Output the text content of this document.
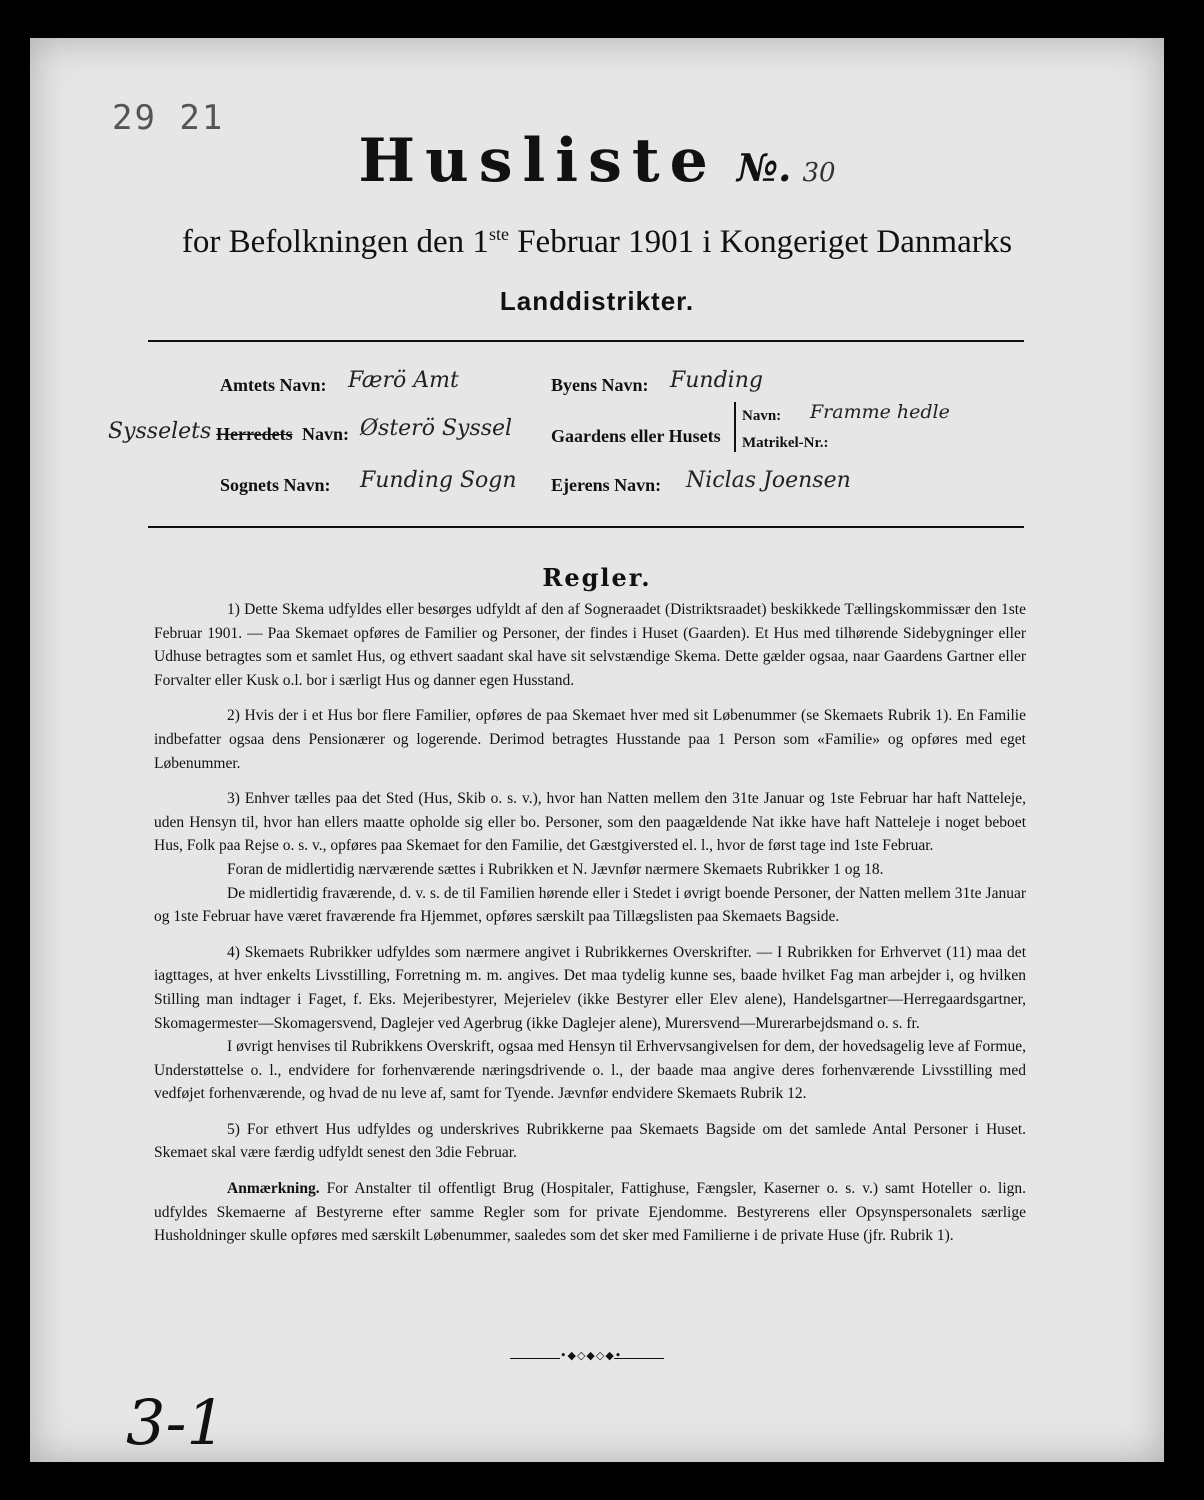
29 21
Husliste №. 30
for Befolkningen den 1ste Februar 1901 i Kongeriget Danmarks
Landdistrikter.
Amtets Navn: Færö Amt	Byens Navn: Funding
Sysselets Herredets Navn: Østerö Syssel Gaardens eller Husets
Navn: Framme hedle
Matrikel-Nr.:
Sognets Navn: Funding Sogn Ejerens Navn: Niclas Joensen
Regler.

1) Dette Skema udfyldes eller besørges udfyldt af den af Sogneraadet (Distriktsraadet) beskikkede Tællingskommissær den 1ste Februar 1901. — Paa Skemaet opføres de Familier og Personer, der findes i Huset (Gaarden). Et Hus med tilhørende Sidebygninger eller Udhuse betragtes som et samlet Hus, og ethvert saadant skal have sit selvstændige Skema. Dette gælder ogsaa, naar Gaardens Gartner eller Forvalter eller Kusk o.l. bor i særligt Hus og danner egen Husstand.

2) Hvis der i et Hus bor flere Familier, opføres de paa Skemaet hver med sit Løbenummer (se Skemaets Rubrik 1). En Familie indbefatter ogsaa dens Pensionærer og logerende. Derimod betragtes Husstande paa 1 Person som «Familie» og opføres med eget Løbenummer.

3) Enhver tælles paa det Sted (Hus, Skib o. s. v.), hvor han Natten mellem den 31te Januar og 1ste Februar har haft Natteleje, uden Hensyn til, hvor han ellers maatte opholde sig eller bo. Personer, som den paagældende Nat ikke have haft Natteleje i noget beboet Hus, Folk paa Rejse o. s. v., opføres paa Skemaet for den Familie, det Gæstgiversted el. l., hvor de først tage ind 1ste Februar.

Foran de midlertidig nærværende sættes i Rubrikken et N. Jævnfør nærmere Skemaets Rubrikker 1 og 18.

De midlertidig fraværende, d. v. s. de til Familien hørende eller i Stedet i øvrigt boende Personer, der Natten mellem 31te Januar og 1ste Februar have været fraværende fra Hjemmet, opføres særskilt paa Tillægslisten paa Skemaets Bagside.

4) Skemaets Rubrikker udfyldes som nærmere angivet i Rubrikkernes Overskrifter. — I Rubrikken for Erhvervet (11) maa det iagttages, at hver enkelts Livsstilling, Forretning m. m. angives. Det maa tydelig kunne ses, baade hvilket Fag man arbejder i, og hvilken Stilling man indtager i Faget, f. Eks. Mejeribestyrer, Mejerielev (ikke Bestyrer eller Elev alene), Handelsgartner—Herregaardsgartner, Skomagermester—Skomagersvend, Daglejer ved Agerbrug (ikke Daglejer alene), Murersvend—Murerarbejdsmand o. s. fr.

I øvrigt henvises til Rubrikkens Overskrift, ogsaa med Hensyn til Erhvervsangivelsen for dem, der hovedsagelig leve af Formue, Understøttelse o. l., endvidere for forhenværende næringsdrivende o. l., der baade maa angive deres forhenværende Livsstilling med vedføjet forhenværende, og hvad de nu leve af, samt for Tyende. Jævnfør endvidere Skemaets Rubrik 12.

5) For ethvert Hus udfyldes og underskrives Rubrikkerne paa Skemaets Bagside om det samlede Antal Personer i Huset. Skemaet skal være færdig udfyldt senest den 3die Februar.

Anmærkning. For Anstalter til offentligt Brug (Hospitaler, Fattighuse, Fængsler, Kaserner o. s. v.) samt Hoteller o. lign. udfyldes Skemaerne af Bestyrerne efter samme Regler som for private Ejendomme. Bestyrerens eller Opsynspersonalets særlige Husholdninger skulle opføres med særskilt Løbenummer, saaledes som det sker med Familierne i de private Huse (jfr. Rubrik 1).

•◆◇◆◇◆•
3-1
